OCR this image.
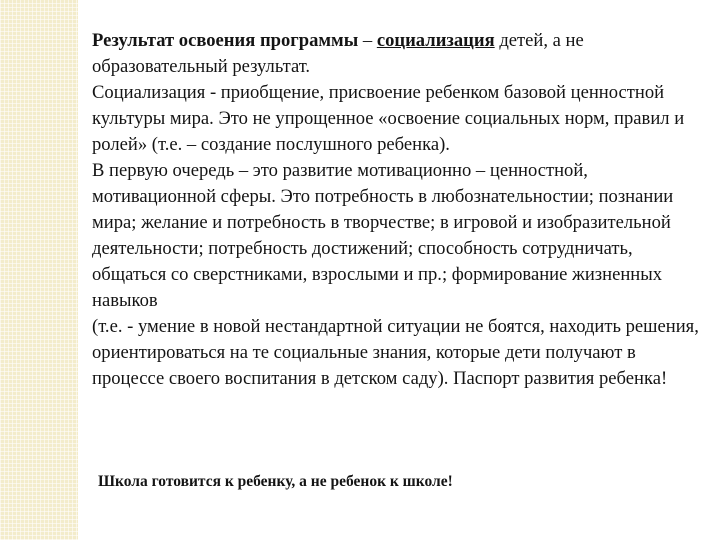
Результат освоения программы – социализация детей, а не образовательный результат.

Социализация - приобщение, присвоение ребенком базовой ценностной культуры мира. Это не упрощенное «освоение социальных норм, правил и ролей» (т.е. – создание послушного ребенка).

В первую очередь – это развитие мотивационно – ценностной, мотивационной сферы. Это потребность в любознательностии; познании мира; желание и потребность в творчестве; в игровой и изобразительной деятельности; потребность достижений; способность сотрудничать, общаться со сверстниками, взрослыми и пр.; формирование жизненных навыков

(т.е. - умение в новой нестандартной ситуации не боятся, находить решения, ориентироваться на те социальные знания, которые дети получают в процессе своего воспитания в детском саду). Паспорт развития ребенка!

Школа готовится к ребенку, а не ребенок к школе!
